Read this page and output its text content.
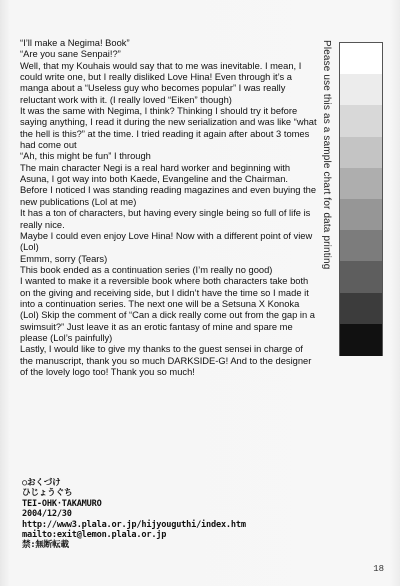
“I’ll make a Negima! Book”

“Are you sane Senpai!?”

Well, that my Kouhais would say that to me was inevitable. I mean, I could write one, but I really disliked Love Hina! Even through it’s a manga about a “Useless guy who becomes popular” I was really reluctant work with it. (I really loved “Eiken” though)

It was the same with Negima, I think? Thinking I should try it before saying anything, I read it during the new serialization and was like “what the hell is this?” at the time. I tried reading it again after about 3 tomes had come out

“Ah, this might be fun” I through

The main character Negi is a real hard worker and beginning with Asuna, I got way into both Kaede, Evangeline and the Chairman. Before I noticed I was standing reading magazines and even buying the new publications (Lol at me)

It has a ton of characters, but having every single being so full of life is really nice.

Maybe I could even enjoy Love Hina! Now with a different point of view (Lol)

Emmm, sorry (Tears)

This book ended as a continuation series (I’m really no good)

I wanted to make it a reversible book where both characters take both on the giving and receiving side, but I didn’t have the time so I made it into a continuation series. The next one will be a Setsuna X Konoka (Lol) Skip the comment of “Can a dick really come out from the gap in a swimsuit?” Just leave it as an erotic fantasy of mine and spare me please (Lol’s painfully)

Lastly, I would like to give my thanks to the guest sensei in charge of the manuscript, thank you so much DARKSIDE-G! And to the designer of the lovely logo too! Thank you so much!

○おくづけ
ひじょうぐち
TEI-OHK·TAKAMURO
2004/12/30
http://www3.plala.or.jp/hijyouguthi/index.htm
mailto:exit@lemon.plala.or.jp
禁:無断転載
Please use this as a sample chart for data printing
18
